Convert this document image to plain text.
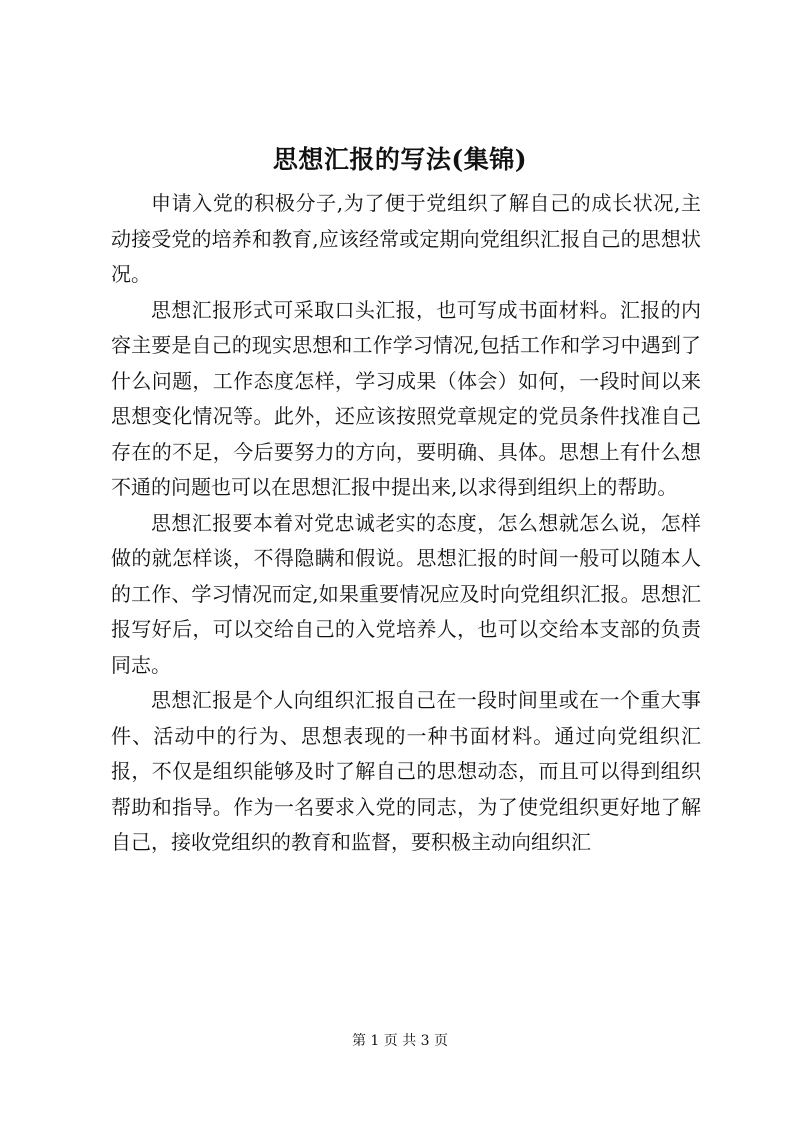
思想汇报的写法(集锦)

申请入党的积极分子,为了便于党组织了解自己的成长状况,主动接受党的培养和教育,应该经常或定期向党组织汇报自己的思想状况。

思想汇报形式可采取口头汇报，也可写成书面材料。汇报的内容主要是自己的现实思想和工作学习情况,包括工作和学习中遇到了什么问题，工作态度怎样，学习成果（体会）如何，一段时间以来思想变化情况等。此外，还应该按照党章规定的党员条件找准自己存在的不足，今后要努力的方向，要明确、具体。思想上有什么想不通的问题也可以在思想汇报中提出来,以求得到组织上的帮助。

思想汇报要本着对党忠诚老实的态度，怎么想就怎么说，怎样做的就怎样谈，不得隐瞒和假说。思想汇报的时间一般可以随本人的工作、学习情况而定,如果重要情况应及时向党组织汇报。思想汇报写好后，可以交给自己的入党培养人，也可以交给本支部的负责同志。

思想汇报是个人向组织汇报自己在一段时间里或在一个重大事件、活动中的行为、思想表现的一种书面材料。通过向党组织汇报，不仅是组织能够及时了解自己的思想动态，而且可以得到组织帮助和指导。作为一名要求入党的同志，为了使党组织更好地了解自己，接收党组织的教育和监督，要积极主动向组织汇

第 1 页 共 3 页
